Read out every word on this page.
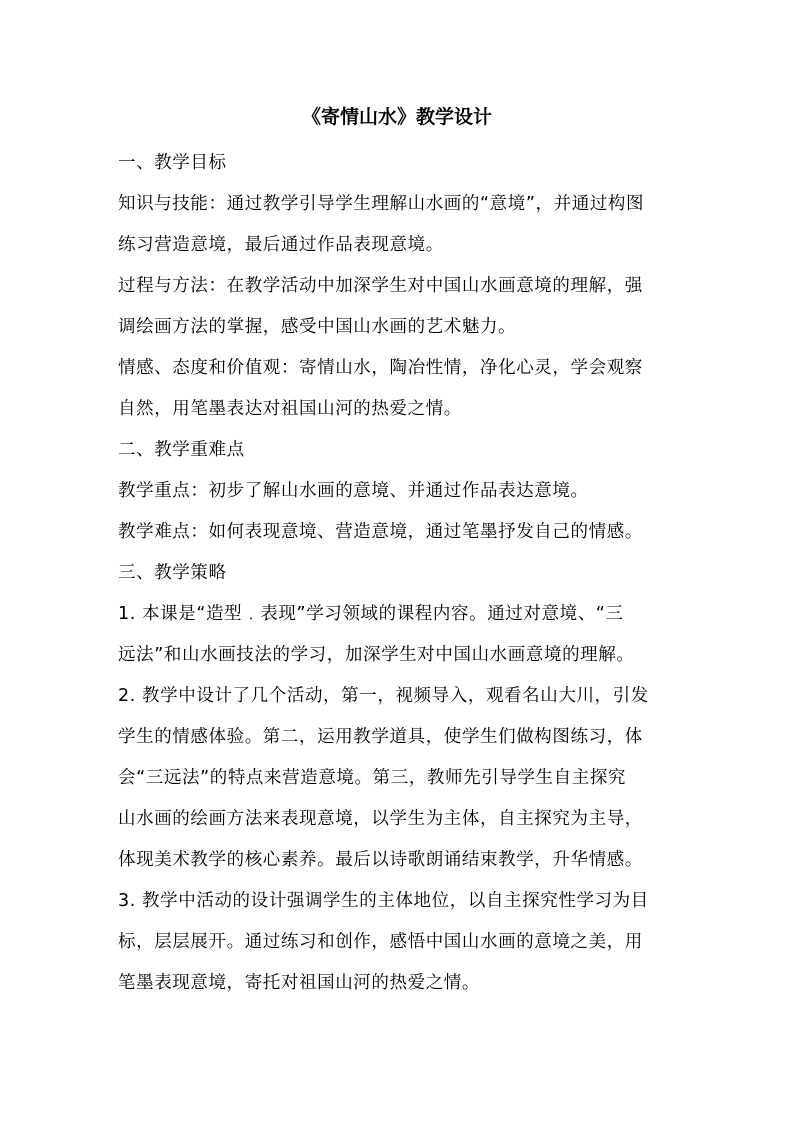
《寄情山水》教学设计
一、教学目标
知识与技能：通过教学引导学生理解山水画的“意境”，并通过构图
练习营造意境，最后通过作品表现意境。
过程与方法：在教学活动中加深学生对中国山水画意境的理解，强
调绘画方法的掌握，感受中国山水画的艺术魅力。
情感、态度和价值观：寄情山水，陶冶性情，净化心灵，学会观察
自然，用笔墨表达对祖国山河的热爱之情。
二、教学重难点
教学重点：初步了解山水画的意境、并通过作品表达意境。
教学难点：如何表现意境、营造意境，通过笔墨抒发自己的情感。
三、教学策略
1. 本课是“造型﹒表现”学习领域的课程内容。通过对意境、“三
远法”和山水画技法的学习，加深学生对中国山水画意境的理解。
2. 教学中设计了几个活动，第一，视频导入，观看名山大川，引发
学生的情感体验。第二，运用教学道具，使学生们做构图练习，体
会“三远法”的特点来营造意境。第三，教师先引导学生自主探究
山水画的绘画方法来表现意境，以学生为主体，自主探究为主导，
体现美术教学的核心素养。最后以诗歌朗诵结束教学，升华情感。
3. 教学中活动的设计强调学生的主体地位，以自主探究性学习为目
标，层层展开。通过练习和创作，感悟中国山水画的意境之美，用
笔墨表现意境，寄托对祖国山河的热爱之情。
